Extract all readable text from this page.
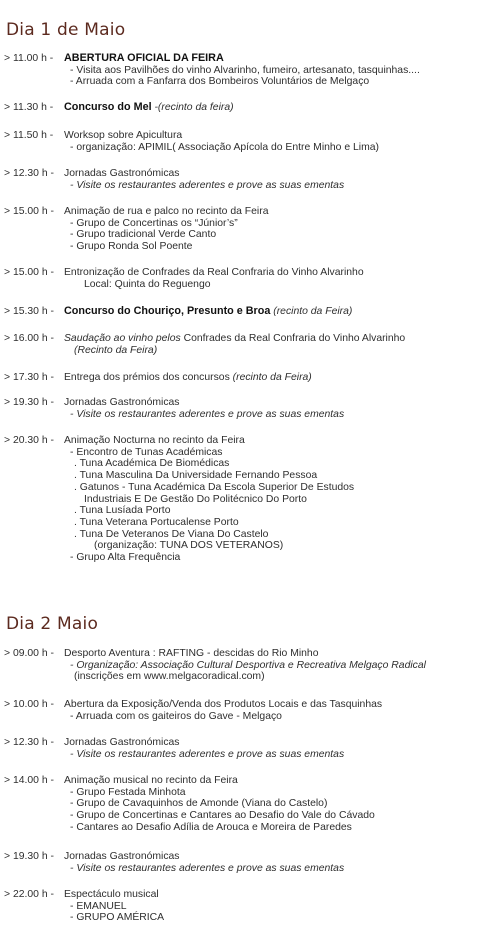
Dia 1 de Maio
> 11.00 h - ABERTURA OFICIAL DA FEIRA
- Visita aos Pavilhões do vinho Alvarinho, fumeiro, artesanato, tasquinhas....
- Arruada com a Fanfarra dos Bombeiros Voluntários de Melgaço
> 11.30 h - Concurso do Mel -(recinto da feira)
> 11.50 h - Worksop sobre Apicultura
- organização: APIMIL( Associação Apícola do Entre Minho e Lima)
> 12.30 h - Jornadas Gastronómicas
- Visite os restaurantes aderentes e prove as suas ementas
> 15.00 h - Animação de rua e palco no recinto da Feira
- Grupo de Concertinas os “Júnior’s”
- Grupo tradicional Verde Canto
- Grupo Ronda Sol Poente
> 15.00 h - Entronização de Confrades da Real Confraria do Vinho Alvarinho
Local: Quinta do Reguengo
> 15.30 h - Concurso do Chouriço, Presunto e Broa (recinto da Feira)
> 16.00 h - Saudação ao vinho pelos Confrades da Real Confraria do Vinho Alvarinho
(Recinto da Feira)
> 17.30 h - Entrega dos prémios dos concursos (recinto da Feira)
> 19.30 h - Jornadas Gastronómicas
- Visite os restaurantes aderentes e prove as suas ementas
> 20.30 h - Animação Nocturna no recinto da Feira
- Encontro de Tunas Académicas
. Tuna Académica De Biomédicas
. Tuna Masculina Da Universidade Fernando Pessoa
. Gatunos - Tuna Académica Da Escola Superior De Estudos
Industriais E De Gestão Do Politécnico Do Porto
. Tuna Lusíada Porto
. Tuna Veterana Portucalense Porto
. Tuna De Veteranos De Viana Do Castelo
(organização: TUNA DOS VETERANOS)
- Grupo Alta Frequência
Dia 2 Maio
> 09.00 h - Desporto Aventura : RAFTING - descidas do Rio Minho
- Organização: Associação Cultural Desportiva e Recreativa Melgaço Radical
(inscrições em www.melgacoradical.com)
> 10.00 h - Abertura da Exposição/Venda dos Produtos Locais e das Tasquinhas
- Arruada com os gaiteiros do Gave - Melgaço
> 12.30 h - Jornadas Gastronómicas
- Visite os restaurantes aderentes e prove as suas ementas
> 14.00 h - Animação musical no recinto da Feira
- Grupo Festada Minhota
- Grupo de Cavaquinhos de Amonde (Viana do Castelo)
- Grupo de Concertinas e Cantares ao Desafio do Vale do Cávado
- Cantares ao Desafio Adília de Arouca e Moreira de Paredes
> 19.30 h - Jornadas Gastronómicas
- Visite os restaurantes aderentes e prove as suas ementas
> 22.00 h - Espectáculo musical
- EMANUEL
- GRUPO AMÉRICA
